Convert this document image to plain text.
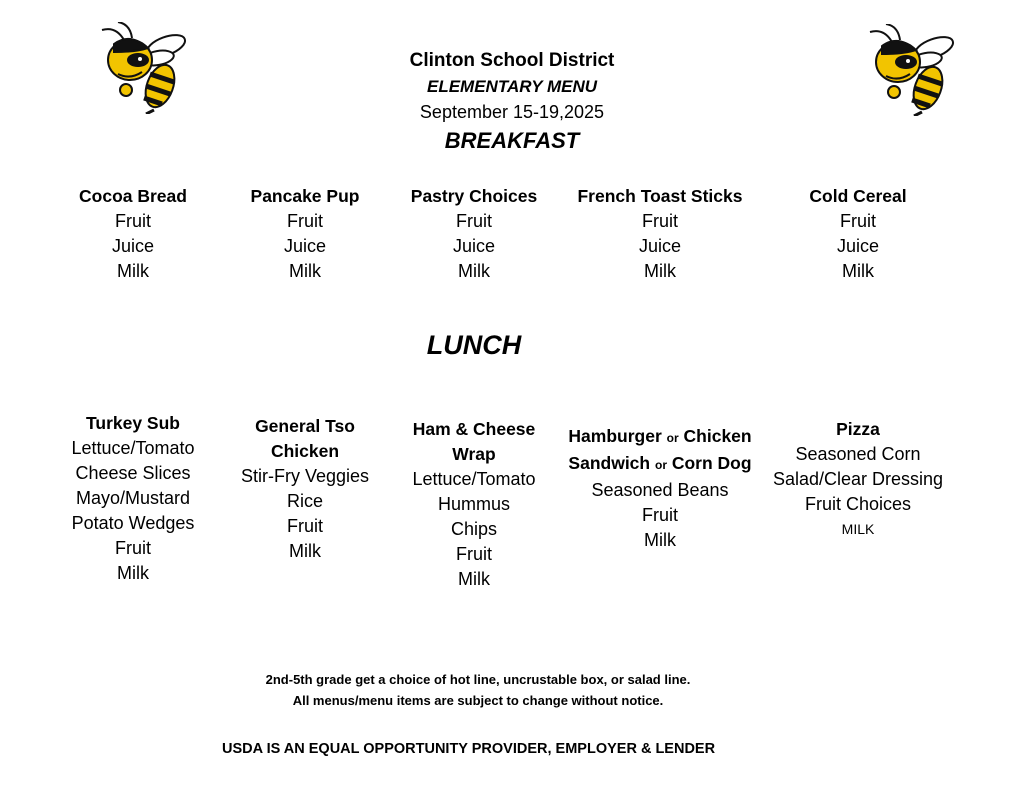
Clinton School District
ELEMENTARY MENU
September 15-19,2025
BREAKFAST
Cocoa Bread
Fruit
Juice
Milk
Pancake Pup
Fruit
Juice
Milk
Pastry Choices
Fruit
Juice
Milk
French Toast Sticks
Fruit
Juice
Milk
Cold Cereal
Fruit
Juice
Milk
LUNCH
Turkey Sub
Lettuce/Tomato
Cheese Slices
Mayo/Mustard
Potato Wedges
Fruit
Milk
General Tso
Chicken
Stir-Fry Veggies
Rice
Fruit
Milk
Ham & Cheese
Wrap
Lettuce/Tomato
Hummus
Chips
Fruit
Milk
Hamburger or Chicken
Sandwich or Corn Dog
Seasoned Beans
Fruit
Milk
Pizza
Seasoned Corn
Salad/Clear Dressing
Fruit Choices
MILK
2nd-5th grade get a choice of hot line, uncrustable box, or salad line.
All menus/menu items are subject to change without notice.
USDA IS AN EQUAL OPPORTUNITY PROVIDER, EMPLOYER & LENDER
